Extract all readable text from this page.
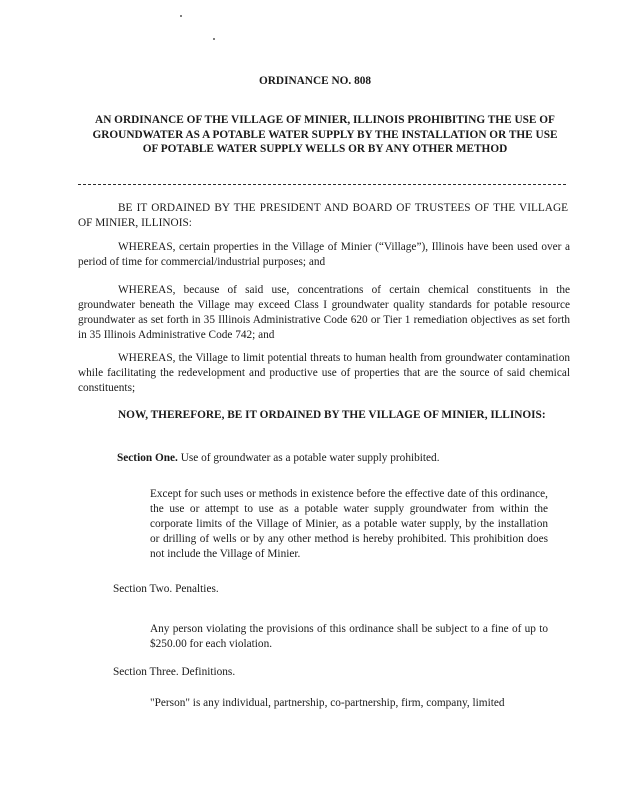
ORDINANCE NO. 808

AN ORDINANCE OF THE VILLAGE OF MINIER, ILLINOIS PROHIBITING THE USE OF GROUNDWATER AS A POTABLE WATER SUPPLY BY THE INSTALLATION OR THE USE OF POTABLE WATER SUPPLY WELLS OR BY ANY OTHER METHOD

BE IT ORDAINED BY THE PRESIDENT AND BOARD OF TRUSTEES OF THE VILLAGE OF MINIER, ILLINOIS:

WHEREAS, certain properties in the Village of Minier (“Village”), Illinois have been used over a period of time for commercial/industrial purposes; and

WHEREAS, because of said use, concentrations of certain chemical constituents in the groundwater beneath the Village may exceed Class I groundwater quality standards for potable resource groundwater as set forth in 35 Illinois Administrative Code 620 or Tier 1 remediation objectives as set forth in 35 Illinois Administrative Code 742; and

WHEREAS, the Village to limit potential threats to human health from groundwater contamination while facilitating the redevelopment and productive use of properties that are the source of said chemical constituents;

NOW, THEREFORE, BE IT ORDAINED BY THE VILLAGE OF MINIER, ILLINOIS:

Section One. Use of groundwater as a potable water supply prohibited.

Except for such uses or methods in existence before the effective date of this ordinance, the use or attempt to use as a potable water supply groundwater from within the corporate limits of the Village of Minier, as a potable water supply, by the installation or drilling of wells or by any other method is hereby prohibited. This prohibition does not include the Village of Minier.

Section Two. Penalties.

Any person violating the provisions of this ordinance shall be subject to a fine of up to $250.00 for each violation.

Section Three. Definitions.

"Person" is any individual, partnership, co-partnership, firm, company, limited
